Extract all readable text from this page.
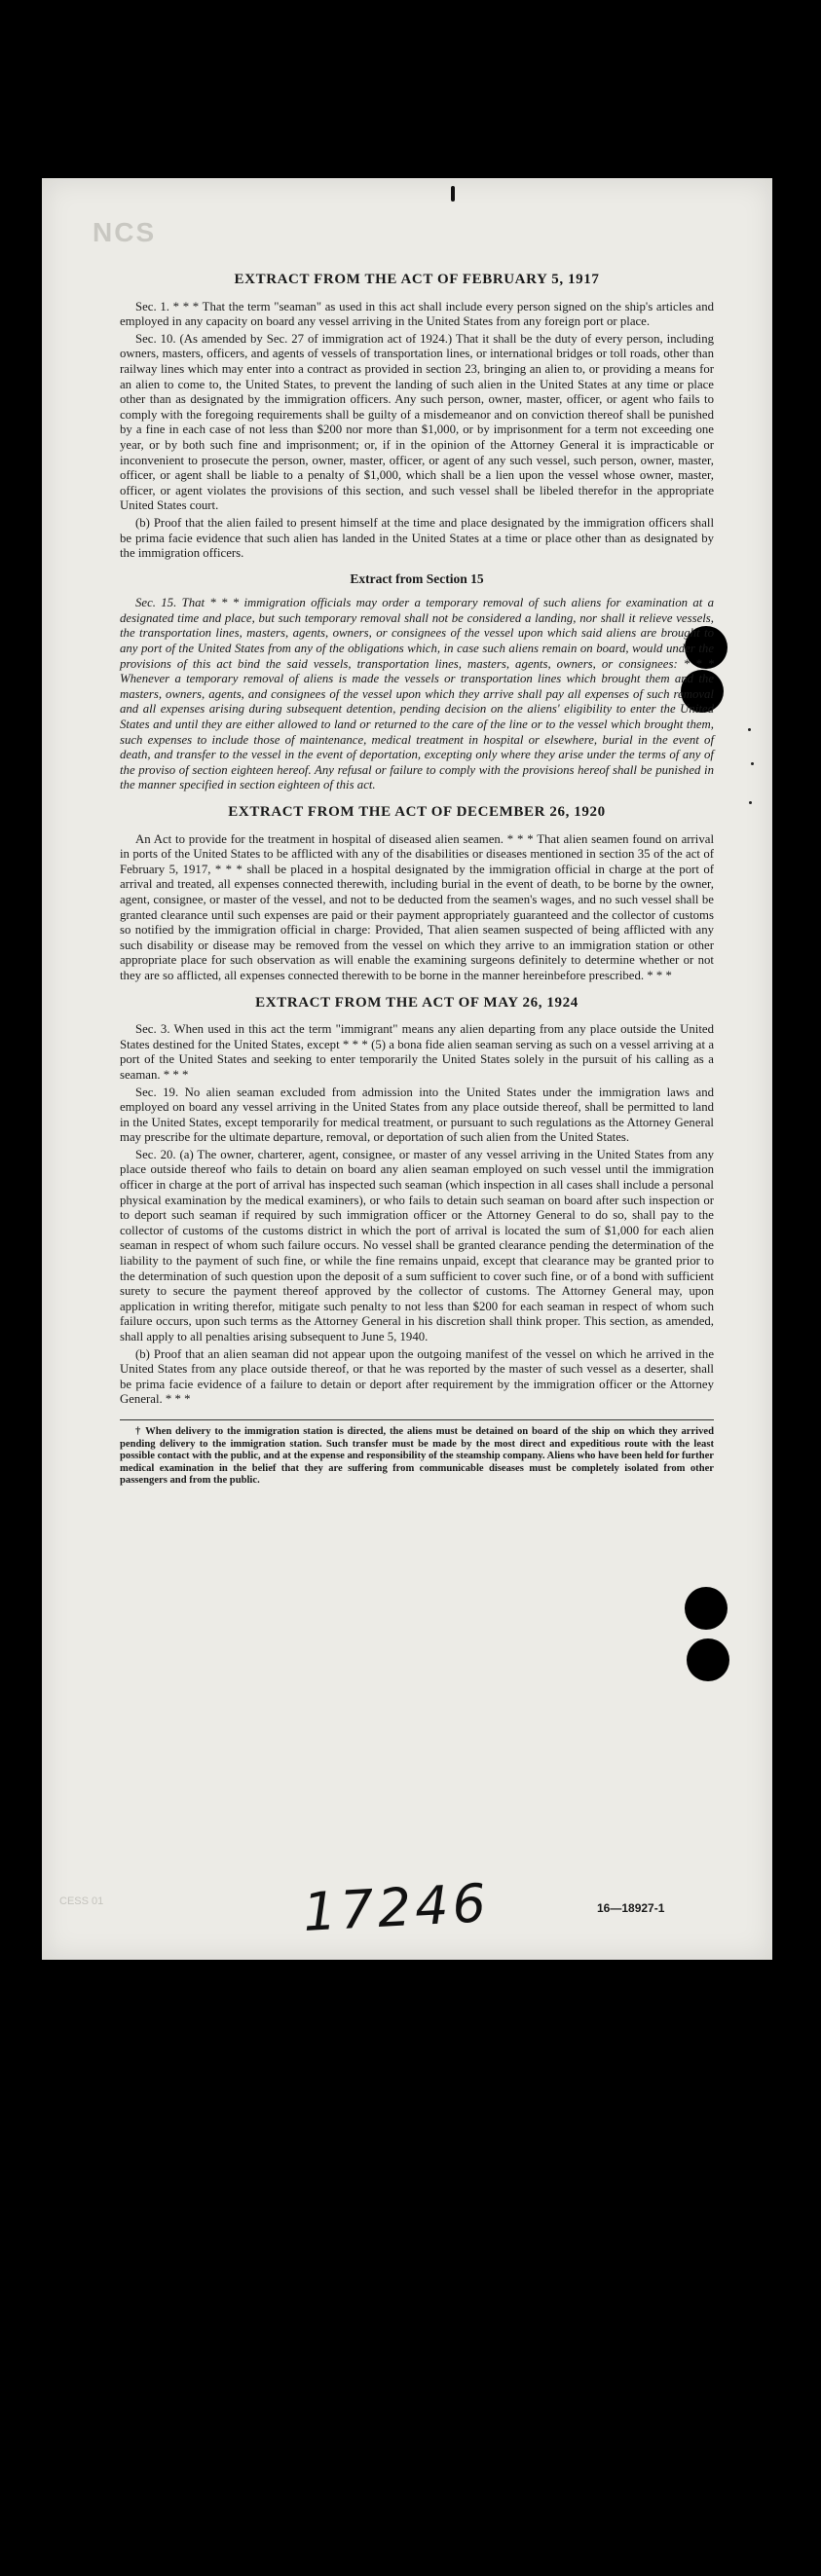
NCS
EXTRACT FROM THE ACT OF FEBRUARY 5, 1917

Sec. 1. * * * That the term "seaman" as used in this act shall include every person signed on the ship's articles and employed in any capacity on board any vessel arriving in the United States from any foreign port or place.

Sec. 10. (As amended by Sec. 27 of immigration act of 1924.) That it shall be the duty of every person, including owners, masters, officers, and agents of vessels of transportation lines, or international bridges or toll roads, other than railway lines which may enter into a contract as provided in section 23, bringing an alien to, or providing a means for an alien to come to, the United States, to prevent the landing of such alien in the United States at any time or place other than as designated by the immigration officers. Any such person, owner, master, officer, or agent who fails to comply with the foregoing requirements shall be guilty of a misdemeanor and on conviction thereof shall be punished by a fine in each case of not less than $200 nor more than $1,000, or by imprisonment for a term not exceeding one year, or by both such fine and imprisonment; or, if in the opinion of the Attorney General it is impracticable or inconvenient to prosecute the person, owner, master, officer, or agent of any such vessel, such person, owner, master, officer, or agent shall be liable to a penalty of $1,000, which shall be a lien upon the vessel whose owner, master, officer, or agent violates the provisions of this section, and such vessel shall be libeled therefor in the appropriate United States court.

(b) Proof that the alien failed to present himself at the time and place designated by the immigration officers shall be prima facie evidence that such alien has landed in the United States at a time or place other than as designated by the immigration officers.

Extract from Section 15

Sec. 15. That * * * immigration officials may order a temporary removal of such aliens for examination at a designated time and place, but such temporary removal shall not be considered a landing, nor shall it relieve vessels, the transportation lines, masters, agents, owners, or consignees of the vessel upon which said aliens are brought to any port of the United States from any of the obligations which, in case such aliens remain on board, would under the provisions of this act bind the said vessels, transportation lines, masters, agents, owners, or consignees: * * * Whenever a temporary removal of aliens is made the vessels or transportation lines which brought them and the masters, owners, agents, and consignees of the vessel upon which they arrive shall pay all expenses of such removal and all expenses arising during subsequent detention, pending decision on the aliens' eligibility to enter the United States and until they are either allowed to land or returned to the care of the line or to the vessel which brought them, such expenses to include those of maintenance, medical treatment in hospital or elsewhere, burial in the event of death, and transfer to the vessel in the event of deportation, excepting only where they arise under the terms of any of the proviso of section eighteen hereof. Any refusal or failure to comply with the provisions hereof shall be punished in the manner specified in section eighteen of this act.

EXTRACT FROM THE ACT OF DECEMBER 26, 1920

An Act to provide for the treatment in hospital of diseased alien seamen. * * * That alien seamen found on arrival in ports of the United States to be afflicted with any of the disabilities or diseases mentioned in section 35 of the act of February 5, 1917, * * * shall be placed in a hospital designated by the immigration official in charge at the port of arrival and treated, all expenses connected therewith, including burial in the event of death, to be borne by the owner, agent, consignee, or master of the vessel, and not to be deducted from the seamen's wages, and no such vessel shall be granted clearance until such expenses are paid or their payment appropriately guaranteed and the collector of customs so notified by the immigration official in charge: Provided, That alien seamen suspected of being afflicted with any such disability or disease may be removed from the vessel on which they arrive to an immigration station or other appropriate place for such observation as will enable the examining surgeons definitely to determine whether or not they are so afflicted, all expenses connected therewith to be borne in the manner hereinbefore prescribed. * * *

EXTRACT FROM THE ACT OF MAY 26, 1924

Sec. 3. When used in this act the term "immigrant" means any alien departing from any place outside the United States destined for the United States, except * * * (5) a bona fide alien seaman serving as such on a vessel arriving at a port of the United States and seeking to enter temporarily the United States solely in the pursuit of his calling as a seaman. * * *

Sec. 19. No alien seaman excluded from admission into the United States under the immigration laws and employed on board any vessel arriving in the United States from any place outside thereof, shall be permitted to land in the United States, except temporarily for medical treatment, or pursuant to such regulations as the Attorney General may prescribe for the ultimate departure, removal, or deportation of such alien from the United States.

Sec. 20. (a) The owner, charterer, agent, consignee, or master of any vessel arriving in the United States from any place outside thereof who fails to detain on board any alien seaman employed on such vessel until the immigration officer in charge at the port of arrival has inspected such seaman (which inspection in all cases shall include a personal physical examination by the medical examiners), or who fails to detain such seaman on board after such inspection or to deport such seaman if required by such immigration officer or the Attorney General to do so, shall pay to the collector of customs of the customs district in which the port of arrival is located the sum of $1,000 for each alien seaman in respect of whom such failure occurs. No vessel shall be granted clearance pending the determination of the liability to the payment of such fine, or while the fine remains unpaid, except that clearance may be granted prior to the determination of such question upon the deposit of a sum sufficient to cover such fine, or of a bond with sufficient surety to secure the payment thereof approved by the collector of customs. The Attorney General may, upon application in writing therefor, mitigate such penalty to not less than $200 for each seaman in respect of whom such failure occurs, upon such terms as the Attorney General in his discretion shall think proper. This section, as amended, shall apply to all penalties arising subsequent to June 5, 1940.

(b) Proof that an alien seaman did not appear upon the outgoing manifest of the vessel on which he arrived in the United States from any place outside thereof, or that he was reported by the master of such vessel as a deserter, shall be prima facie evidence of a failure to detain or deport after requirement by the immigration officer or the Attorney General. * * *

† When delivery to the immigration station is directed, the aliens must be detained on board of the ship on which they arrived pending delivery to the immigration station. Such transfer must be made by the most direct and expeditious route with the least possible contact with the public, and at the expense and responsibility of the steamship company. Aliens who have been held for further medical examination in the belief that they are suffering from communicable diseases must be completely isolated from other passengers and from the public.

CESS 01	17246	16—18927-1
